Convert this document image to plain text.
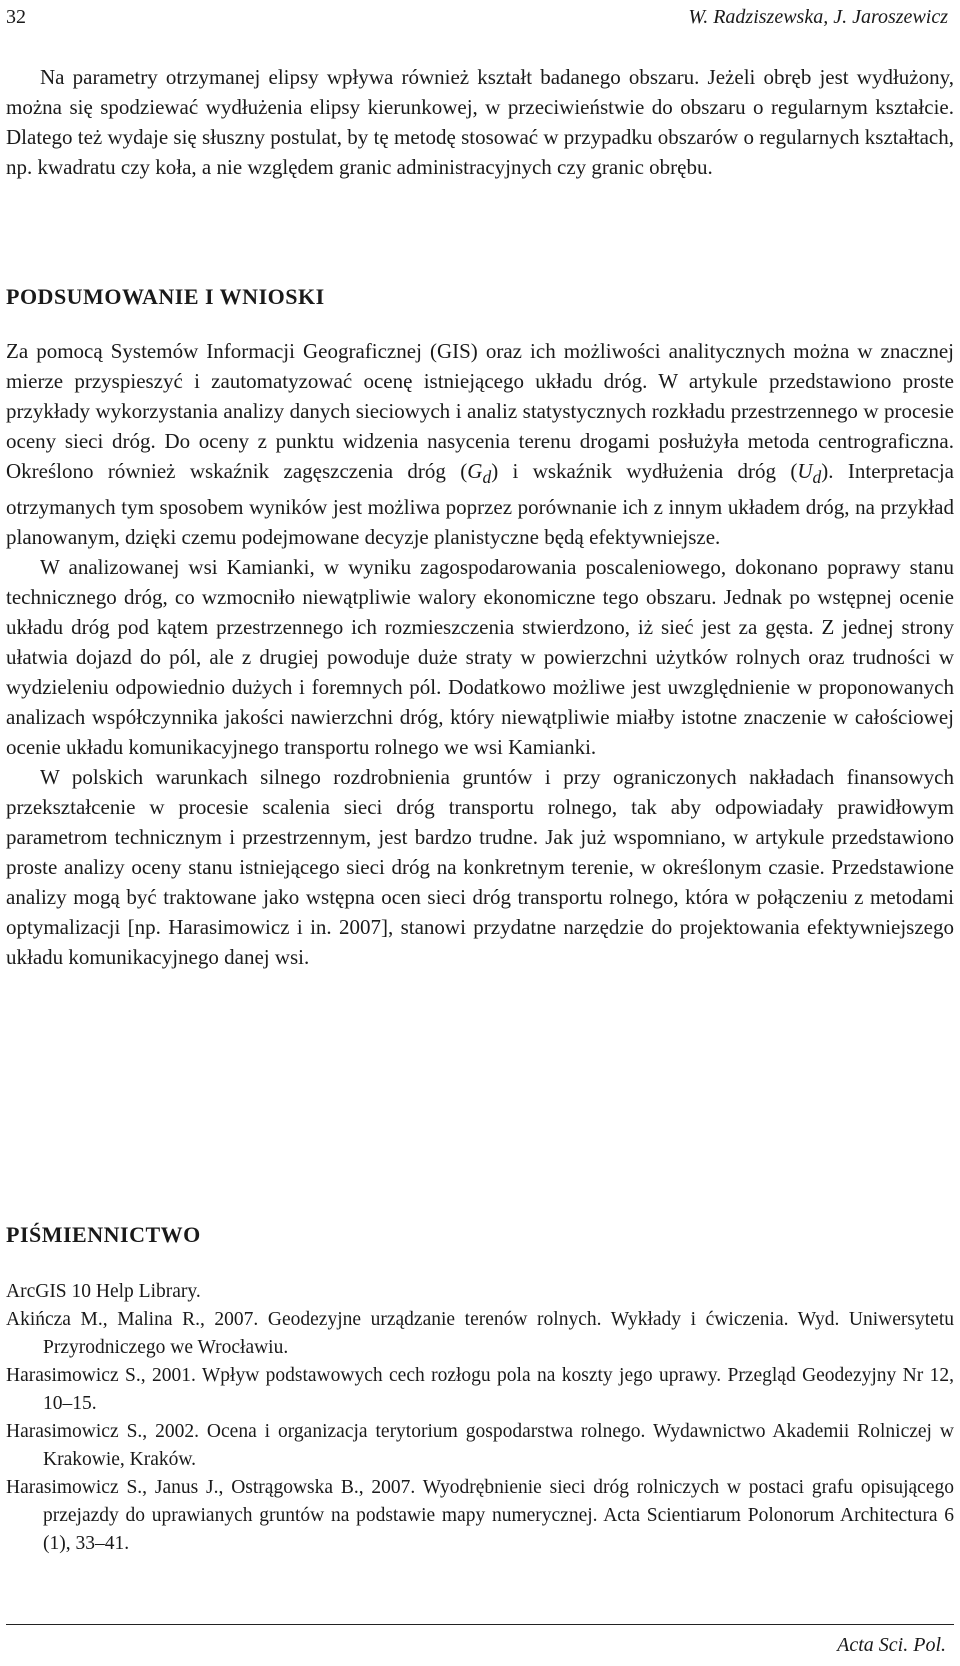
32	W. Radziszewska, J. Jaroszewicz

Na parametry otrzymanej elipsy wpływa również kształt badanego obszaru. Jeżeli obręb jest wydłużony, można się spodziewać wydłużenia elipsy kierunkowej, w przeciwieństwie do obszaru o regularnym kształcie. Dlatego też wydaje się słuszny postulat, by tę metodę stosować w przypadku obszarów o regularnych kształtach, np. kwadratu czy koła, a nie względem granic administracyjnych czy granic obrębu.

PODSUMOWANIE I WNIOSKI

Za pomocą Systemów Informacji Geograficznej (GIS) oraz ich możliwości analitycznych można w znacznej mierze przyspieszyć i zautomatyzować ocenę istniejącego układu dróg. W artykule przedstawiono proste przykłady wykorzystania analizy danych sieciowych i analiz statystycznych rozkładu przestrzennego w procesie oceny sieci dróg. Do oceny z punktu widzenia nasycenia terenu drogami posłużyła metoda centrograficzna. Określono również wskaźnik zagęszczenia dróg $(G_d)$ i wskaźnik wydłużenia dróg $(U_d)$. Interpretacja otrzymanych tym sposobem wyników jest możliwa poprzez porównanie ich z innym układem dróg, na przykład planowanym, dzięki czemu podejmowane decyzje planistyczne będą efektywniejsze.

W analizowanej wsi Kamianki, w wyniku zagospodarowania poscaleniowego, dokonano poprawy stanu technicznego dróg, co wzmocniło niewątpliwie walory ekonomiczne tego obszaru. Jednak po wstępnej ocenie układu dróg pod kątem przestrzennego ich rozmieszczenia stwierdzono, iż sieć jest za gęsta. Z jednej strony ułatwia dojazd do pól, ale z drugiej powoduje duże straty w powierzchni użytków rolnych oraz trudności w wydzieleniu odpowiednio dużych i foremnych pól. Dodatkowo możliwe jest uwzględnienie w proponowanych analizach współczynnika jakości nawierzchni dróg, który niewątpliwie miałby istotne znaczenie w całościowej ocenie układu komunikacyjnego transportu rolnego we wsi Kamianki.

W polskich warunkach silnego rozdrobnienia gruntów i przy ograniczonych nakładach finansowych przekształcenie w procesie scalenia sieci dróg transportu rolnego, tak aby odpowiadały prawidłowym parametrom technicznym i przestrzennym, jest bardzo trudne. Jak już wspomniano, w artykule przedstawiono proste analizy oceny stanu istniejącego sieci dróg na konkretnym terenie, w określonym czasie. Przedstawione analizy mogą być traktowane jako wstępna ocen sieci dróg transportu rolnego, która w połączeniu z metodami optymalizacji [np. Harasimowicz i in. 2007], stanowi przydatne narzędzie do projektowania efektywniejszego układu komunikacyjnego danej wsi.

PIŚMIENNICTWO

ArcGIS 10 Help Library.

Akińcza M., Malina R., 2007. Geodezyjne urządzanie terenów rolnych. Wykłady i ćwiczenia. Wyd. Uniwersytetu Przyrodniczego we Wrocławiu.

Harasimowicz S., 2001. Wpływ podstawowych cech rozłogu pola na koszty jego uprawy. Przegląd Geodezyjny Nr 12, 10–15.

Harasimowicz S., 2002. Ocena i organizacja terytorium gospodarstwa rolnego. Wydawnictwo Akademii Rolniczej w Krakowie, Kraków.

Harasimowicz S., Janus J., Ostrągowska B., 2007. Wyodrębnienie sieci dróg rolniczych w postaci grafu opisującego przejazdy do uprawianych gruntów na podstawie mapy numerycznej. Acta Scientiarum Polonorum Architectura 6 (1), 33–41.

Acta Sci. Pol.
